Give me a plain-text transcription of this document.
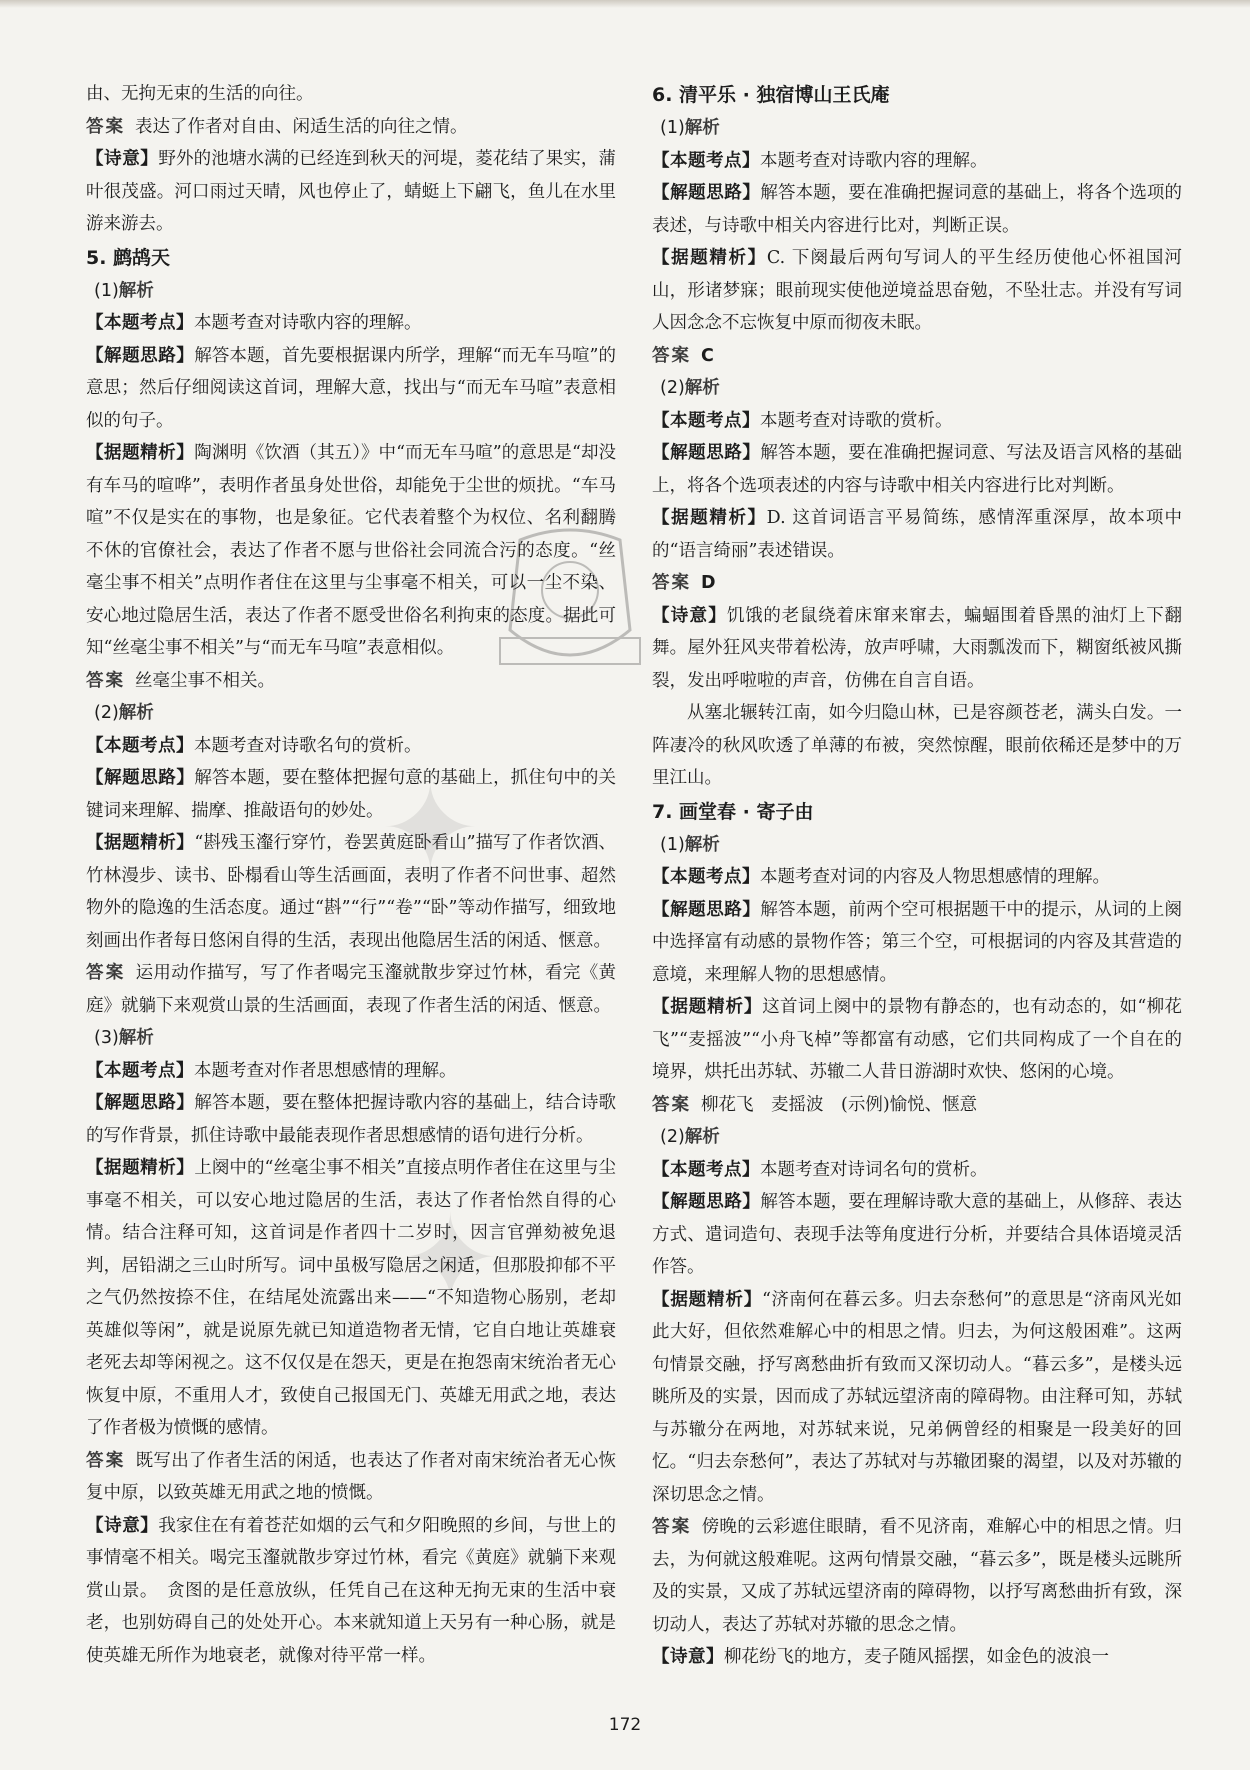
✦
✦

由、无拘无束的生活的向往。

答案 表达了作者对自由、闲适生活的向往之情。

【诗意】野外的池塘水满的已经连到秋天的河堤，菱花结了果实，蒲叶很茂盛。河口雨过天晴，风也停止了，蜻蜓上下翩飞，鱼儿在水里游来游去。

5. 鹧鸪天

(1)解析

【本题考点】本题考查对诗歌内容的理解。

【解题思路】解答本题，首先要根据课内所学，理解“而无车马喧”的意思；然后仔细阅读这首词，理解大意，找出与“而无车马喧”表意相似的句子。

【据题精析】陶渊明《饮酒（其五）》中“而无车马喧”的意思是“却没有车马的喧哗”，表明作者虽身处世俗，却能免于尘世的烦扰。“车马喧”不仅是实在的事物，也是象征。它代表着整个为权位、名利翻腾不休的官僚社会，表达了作者不愿与世俗社会同流合污的态度。“丝毫尘事不相关”点明作者住在这里与尘事毫不相关，可以一尘不染、安心地过隐居生活，表达了作者不愿受世俗名利拘束的态度。据此可知“丝毫尘事不相关”与“而无车马喧”表意相似。

答案 丝毫尘事不相关。

(2)解析

【本题考点】本题考查对诗歌名句的赏析。

【解题思路】解答本题，要在整体把握句意的基础上，抓住句中的关键词来理解、揣摩、推敲语句的妙处。

【据题精析】“斟残玉瀣行穿竹，卷罢黄庭卧看山”描写了作者饮酒、竹林漫步、读书、卧榻看山等生活画面，表明了作者不问世事、超然物外的隐逸的生活态度。通过“斟”“行”“卷”“卧”等动作描写，细致地刻画出作者每日悠闲自得的生活，表现出他隐居生活的闲适、惬意。

答案 运用动作描写，写了作者喝完玉瀣就散步穿过竹林，看完《黄庭》就躺下来观赏山景的生活画面，表现了作者生活的闲适、惬意。

(3)解析

【本题考点】本题考查对作者思想感情的理解。

【解题思路】解答本题，要在整体把握诗歌内容的基础上，结合诗歌的写作背景，抓住诗歌中最能表现作者思想感情的语句进行分析。

【据题精析】上阕中的“丝毫尘事不相关”直接点明作者住在这里与尘事毫不相关，可以安心地过隐居的生活，表达了作者怡然自得的心情。结合注释可知，这首词是作者四十二岁时，因言官弹劾被免退判，居铅湖之三山时所写。词中虽极写隐居之闲适，但那股抑郁不平之气仍然按捺不住，在结尾处流露出来——“不知造物心肠别，老却英雄似等闲”，就是说原先就已知道造物者无情，它自白地让英雄衰老死去却等闲视之。这不仅仅是在怨天，更是在抱怨南宋统治者无心恢复中原，不重用人才，致使自己报国无门、英雄无用武之地，表达了作者极为愤慨的感情。

答案 既写出了作者生活的闲适，也表达了作者对南宋统治者无心恢复中原，以致英雄无用武之地的愤慨。

【诗意】我家住在有着苍茫如烟的云气和夕阳晚照的乡间，与世上的事情毫不相关。喝完玉瀣就散步穿过竹林，看完《黄庭》就躺下来观赏山景。　贪图的是任意放纵，任凭自己在这种无拘无束的生活中衰老，也别妨碍自己的处处开心。本来就知道上天另有一种心肠，就是使英雄无所作为地衰老，就像对待平常一样。

6. 清平乐 · 独宿博山王氏庵

(1)解析

【本题考点】本题考查对诗歌内容的理解。

【解题思路】解答本题，要在准确把握词意的基础上，将各个选项的表述，与诗歌中相关内容进行比对，判断正误。

【据题精析】C. 下阕最后两句写词人的平生经历使他心怀祖国河山，形诸梦寐；眼前现实使他逆境益思奋勉，不坠壮志。并没有写词人因念念不忘恢复中原而彻夜未眠。

答案 C

(2)解析

【本题考点】本题考查对诗歌的赏析。

【解题思路】解答本题，要在准确把握词意、写法及语言风格的基础上，将各个选项表述的内容与诗歌中相关内容进行比对判断。

【据题精析】D. 这首词语言平易简练，感情浑重深厚，故本项中的“语言绮丽”表述错误。

答案 D

【诗意】饥饿的老鼠绕着床窜来窜去，蝙蝠围着昏黑的油灯上下翻舞。屋外狂风夹带着松涛，放声呼啸，大雨瓢泼而下，糊窗纸被风撕裂，发出呼啦啦的声音，仿佛在自言自语。

从塞北辗转江南，如今归隐山林，已是容颜苍老，满头白发。一阵凄冷的秋风吹透了单薄的布被，突然惊醒，眼前依稀还是梦中的万里江山。

7. 画堂春 · 寄子由

(1)解析

【本题考点】本题考查对词的内容及人物思想感情的理解。

【解题思路】解答本题，前两个空可根据题干中的提示，从词的上阕中选择富有动感的景物作答；第三个空，可根据词的内容及其营造的意境，来理解人物的思想感情。

【据题精析】这首词上阕中的景物有静态的，也有动态的，如“柳花飞”“麦摇波”“小舟飞棹”等都富有动感，它们共同构成了一个自在的境界，烘托出苏轼、苏辙二人昔日游湖时欢快、悠闲的心境。

答案 柳花飞　麦摇波　(示例)愉悦、惬意

(2)解析

【本题考点】本题考查对诗词名句的赏析。

【解题思路】解答本题，要在理解诗歌大意的基础上，从修辞、表达方式、遣词造句、表现手法等角度进行分析，并要结合具体语境灵活作答。

【据题精析】“济南何在暮云多。归去奈愁何”的意思是“济南风光如此大好，但依然难解心中的相思之情。归去，为何这般困难”。这两句情景交融，抒写离愁曲折有致而又深切动人。“暮云多”，是楼头远眺所及的实景，因而成了苏轼远望济南的障碍物。由注释可知，苏轼与苏辙分在两地，对苏轼来说，兄弟俩曾经的相聚是一段美好的回忆。“归去奈愁何”，表达了苏轼对与苏辙团聚的渴望，以及对苏辙的深切思念之情。

答案 傍晚的云彩遮住眼睛，看不见济南，难解心中的相思之情。归去，为何就这般难呢。这两句情景交融，“暮云多”，既是楼头远眺所及的实景，又成了苏轼远望济南的障碍物，以抒写离愁曲折有致，深切动人，表达了苏轼对苏辙的思念之情。

【诗意】柳花纷飞的地方，麦子随风摇摆，如金色的波浪一

172
